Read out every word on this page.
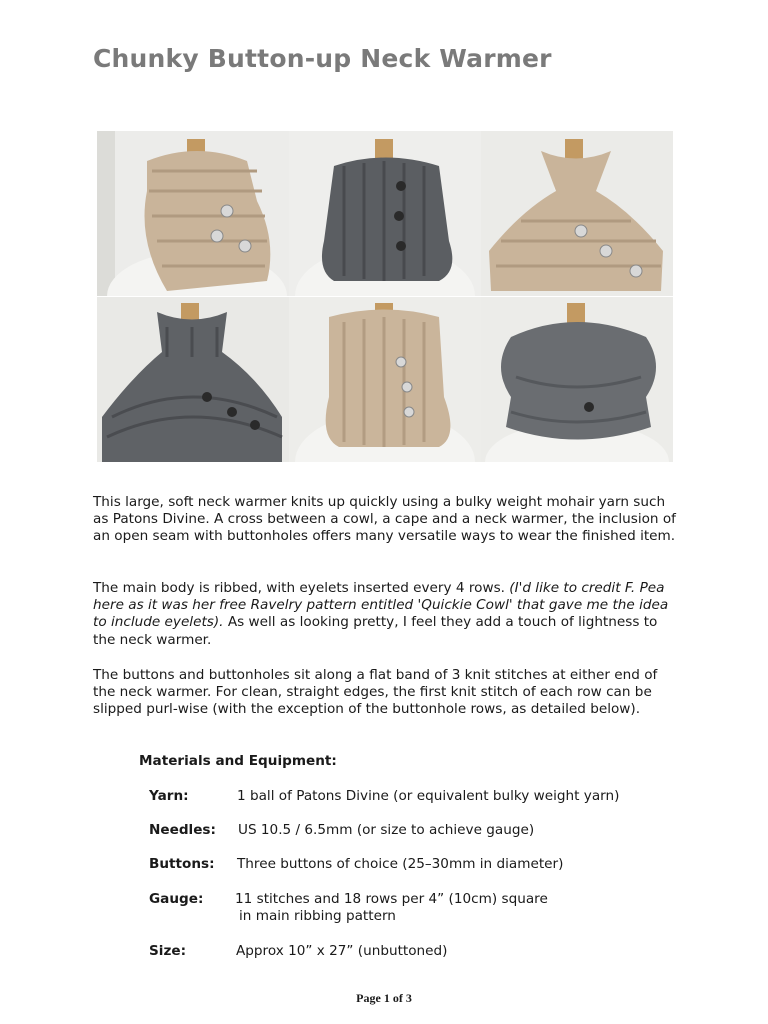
Chunky Button-up Neck Warmer

This large, soft neck warmer knits up quickly using a bulky weight mohair yarn such as Patons Divine. A cross between a cowl, a cape and a neck warmer, the inclusion of an open seam with buttonholes offers many versatile ways to wear the finished item.

The main body is ribbed, with eyelets inserted every 4 rows. (I'd like to credit F. Pea here as it was her free Ravelry pattern entitled 'Quickie Cowl' that gave me the idea to include eyelets). As well as looking pretty, I feel they add a touch of lightness to the neck warmer.

The buttons and buttonholes sit along a flat band of 3 knit stitches at either end of the neck warmer. For clean, straight edges, the first knit stitch of each row can be slipped purl-wise (with the exception of the buttonhole rows, as detailed below).

Materials and Equipment:
Yarn:	1 ball of Patons Divine (or equivalent bulky weight yarn)
Needles: US 10.5 / 6.5mm (or size to achieve gauge)
Buttons: Three buttons of choice (25–30mm in diameter)
Gauge: 11 stitches and 18 rows per 4” (10cm) square
in main ribbing pattern
Size:	Approx 10” x 27” (unbuttoned)
Page 1 of 3
